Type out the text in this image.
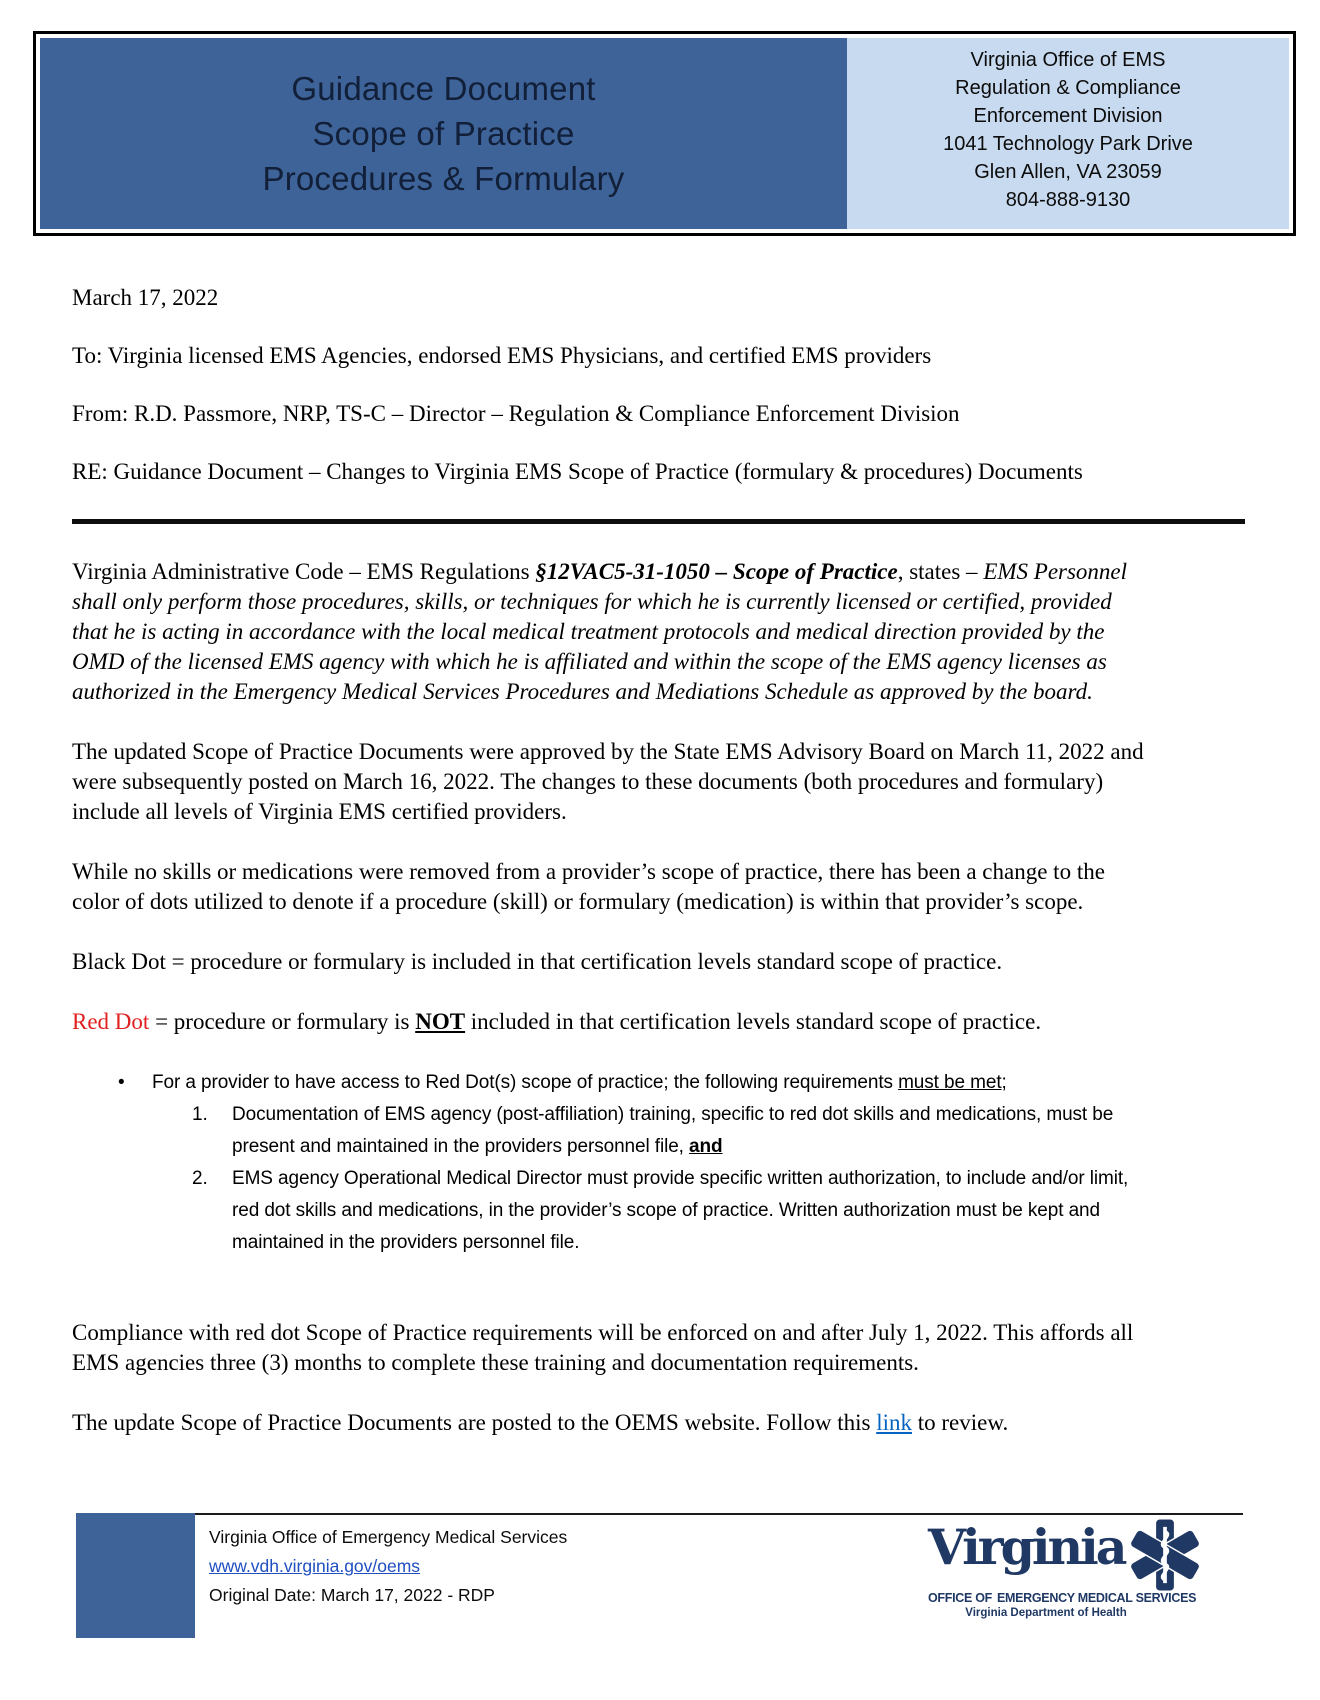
Guidance Document
Scope of Practice
Procedures & Formulary
Virginia Office of EMS
Regulation & Compliance
Enforcement Division
1041 Technology Park Drive
Glen Allen, VA 23059
804-888-9130

March 17, 2022

To: Virginia licensed EMS Agencies, endorsed EMS Physicians, and certified EMS providers

From: R.D. Passmore, NRP, TS-C – Director – Regulation & Compliance Enforcement Division

RE: Guidance Document – Changes to Virginia EMS Scope of Practice (formulary & procedures) Documents

Virginia Administrative Code – EMS Regulations §12VAC5-31-1050 – Scope of Practice, states – EMS Personnel shall only perform those procedures, skills, or techniques for which he is currently licensed or certified, provided that he is acting in accordance with the local medical treatment protocols and medical direction provided by the OMD of the licensed EMS agency with which he is affiliated and within the scope of the EMS agency licenses as authorized in the Emergency Medical Services Procedures and Mediations Schedule as approved by the board.

The updated Scope of Practice Documents were approved by the State EMS Advisory Board on March 11, 2022 and were subsequently posted on March 16, 2022. The changes to these documents (both procedures and formulary) include all levels of Virginia EMS certified providers.

While no skills or medications were removed from a provider’s scope of practice, there has been a change to the color of dots utilized to denote if a procedure (skill) or formulary (medication) is within that provider’s scope.

Black Dot = procedure or formulary is included in that certification levels standard scope of practice.

Red Dot = procedure or formulary is NOT included in that certification levels standard scope of practice.

•	For a provider to have access to Red Dot(s) scope of practice; the following requirements must be met;
1.	Documentation of EMS agency (post-affiliation) training, specific to red dot skills and medications, must be present and maintained in the providers personnel file, and
2.	EMS agency Operational Medical Director must provide specific written authorization, to include and/or limit, red dot skills and medications, in the provider’s scope of practice. Written authorization must be kept and maintained in the providers personnel file.

Compliance with red dot Scope of Practice requirements will be enforced on and after July 1, 2022. This affords all EMS agencies three (3) months to complete these training and documentation requirements.

The update Scope of Practice Documents are posted to the OEMS website. Follow this link to review.

Virginia Office of Emergency Medical Services
www.vdh.virginia.gov/oems
Original Date: March 17, 2022 - RDP
Virginia
OFFICE OF EMERGENCY MEDICAL SERVICES
Virginia Department of Health
